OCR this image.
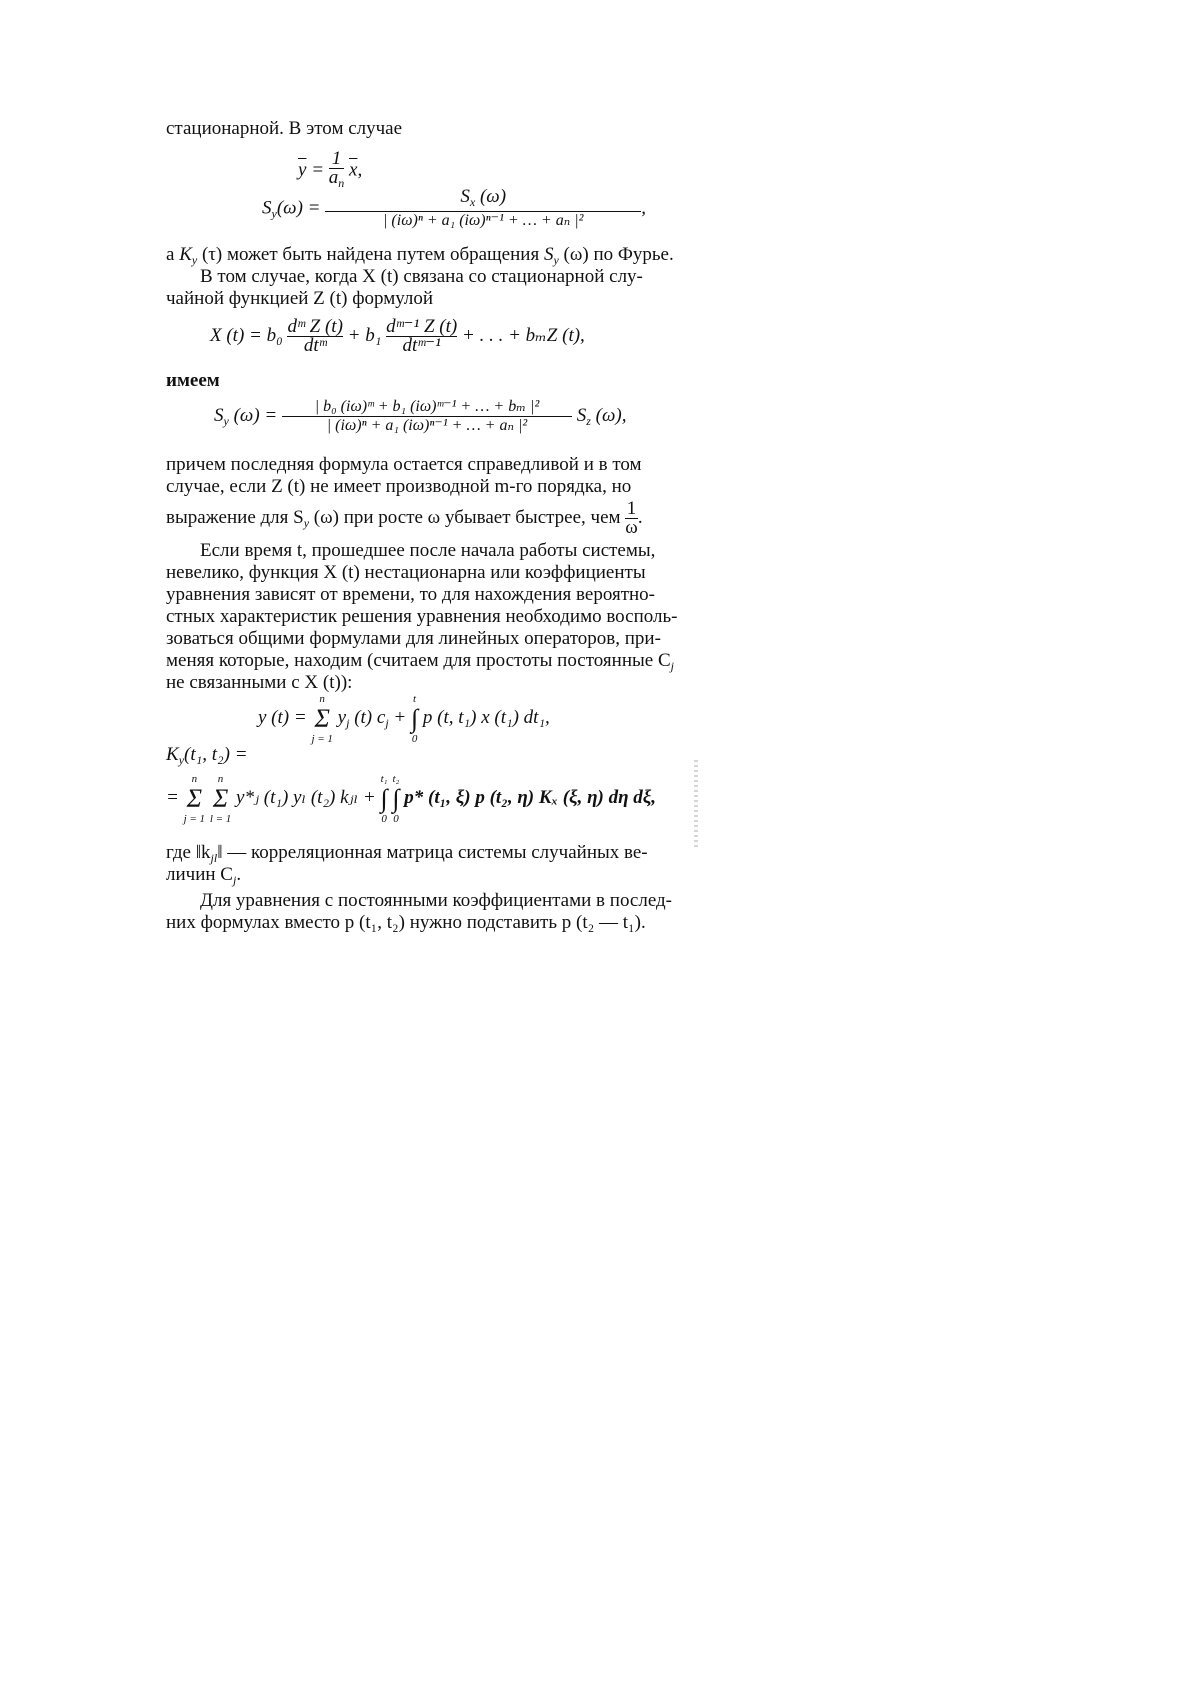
стационарной. В этом случае
$\overline{y} = \frac{1}{a_n} \overline{x}$,
$S_y(\omega) = \frac{S_x (\omega)}{\text{| (iω)ⁿ + a₁ (iω)ⁿ⁻¹ + … + aₙ |²}}$ ,
а $K_y$ (τ) может быть найдена путем обращения $S_y$ (ω) по Фурье.
В том случае, когда X (t) связана со стационарной слу-
чайной функцией Z (t) формулой
X $(t) = b_0 \frac{\text{dᵐ Z (t)}}{\text{dtᵐ}} + b_1 \frac{\text{dᵐ⁻¹ Z (t)}}{\text{dtᵐ⁻¹}}$ + . . . + bₘZ (t),
имеем
$S_y$ $(\omega) = \frac{\text{| b₀ (iω)ᵐ + b₁ (iω)ᵐ⁻¹ + … + bₘ |²}}{\text{| (iω)ⁿ + a₁ (iω)ⁿ⁻¹ + … + aₙ |²}} S_z$ (ω),
причем последняя формула остается справедливой и в том
случае, если Z (t) не имеет производной m-го порядка, но
выражение для $S_y$ (ω) при росте ω убывает быстрее, чем $\frac{1}{\omega}$ .
Если время t, прошедшее после начала работы системы,
невелико, функция X (t) нестационарна или коэффициенты
уравнения зависят от времени, то для нахождения вероятно-
стных характеристик решения уравнения необходимо восполь-
зоваться общими формулами для линейных операторов, при-
меняя которые, находим (считаем для простоты постоянные $C_j$
не связанными с X (t)):
y (t) =
n
Σ
j = 1
$y_j$ (t) $c_j$ +
t
∫
0
p (t, t₁) x (t₁) dt₁,
$K_y(t_1$, t₂) =
=
n
Σ
j = 1

n
Σ
l = 1
y*ⱼ (t₁) yₗ (t₂) kⱼₗ +
t₁
∫
0

t₂
∫
0
p* (t₁, ξ) p (t₂, η) Kₓ (ξ, η) dη dξ,
где $‖k_{jl}‖$ — корреляционная матрица системы случайных ве-
личин $C_j$.
Для уравнения с постоянными коэффициентами в послед-
них формулах вместо p (t₁, t₂) нужно подставить p (t₂ — t₁).
